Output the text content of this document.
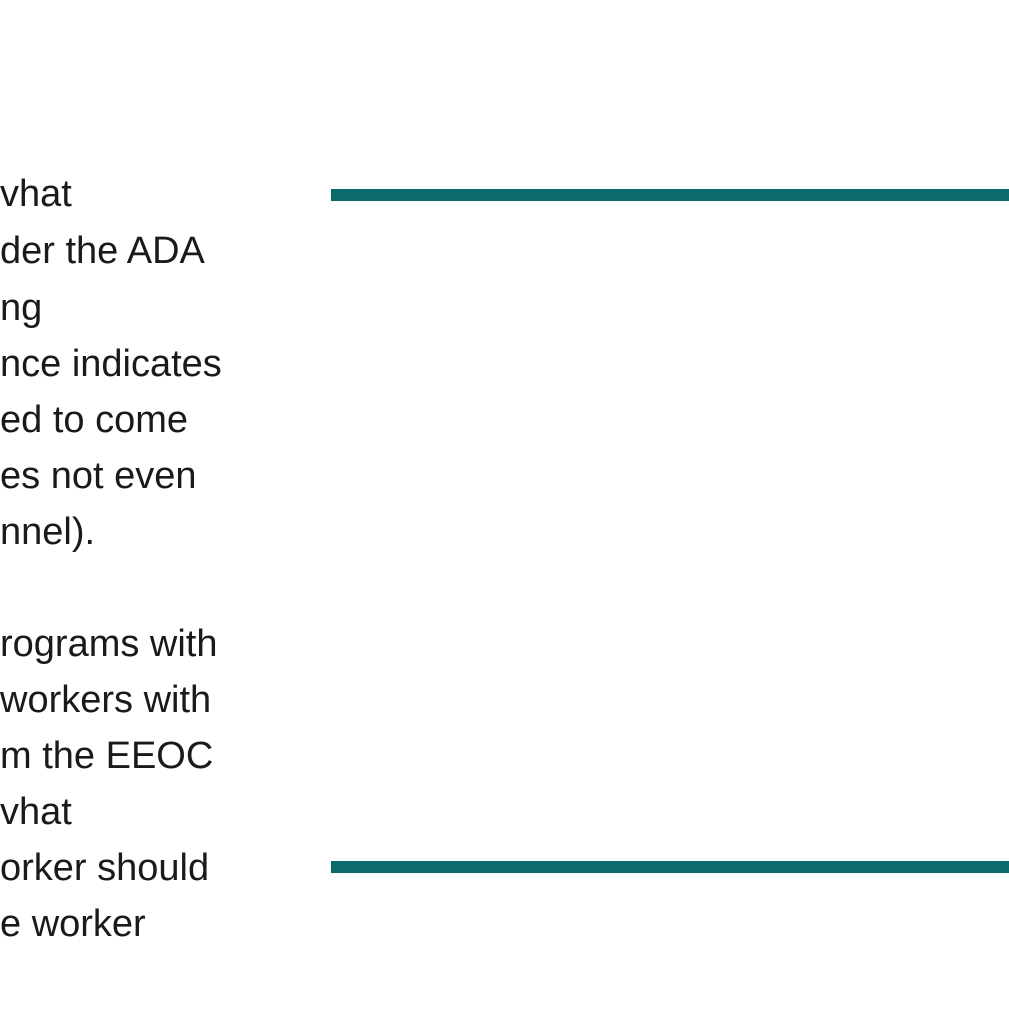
vhat
der the ADA
ng
nce indicates
ed to come
es not even
nnel).
rograms with
workers with
m the EEOC
vhat
orker should
e worker
